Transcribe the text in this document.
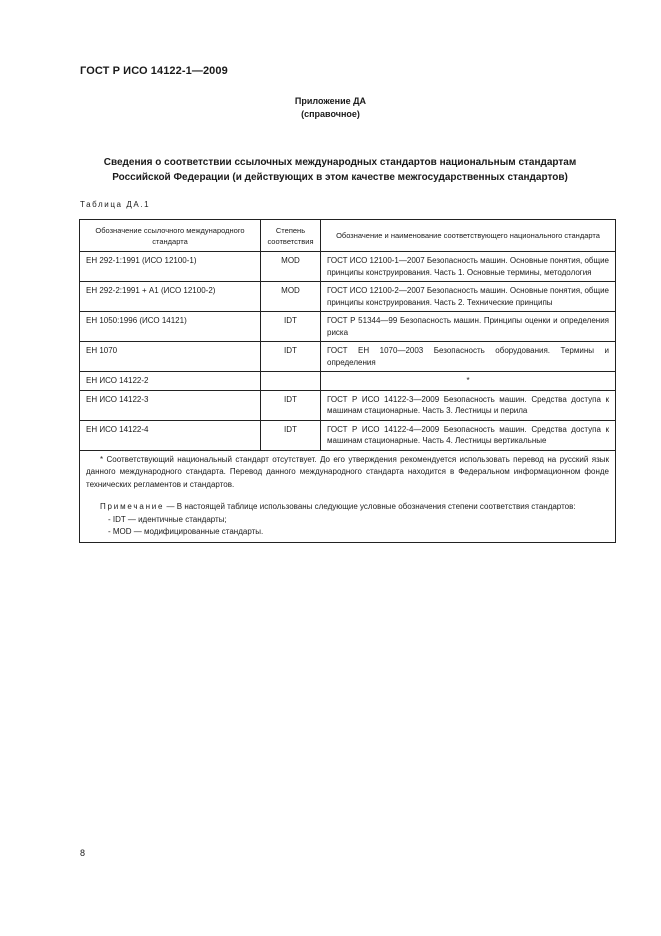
ГОСТ Р ИСО 14122-1—2009
Приложение ДА
(справочное)
Сведения о соответствии ссылочных международных стандартов национальным стандартам
Российской Федерации (и действующих в этом качестве межгосударственных стандартов)
Таблица ДА.1
Обозначение ссылочного международного стандарта	Степень соответствия	Обозначение и наименование соответствующего национального стандарта
ЕН 292-1:1991 (ИСО 12100-1)	MOD	ГОСТ ИСО 12100-1—2007 Безопасность машин. Основные понятия, общие принципы конструирования. Часть 1. Основные термины, методология
ЕН 292-2:1991 + А1 (ИСО 12100-2)	MOD	ГОСТ ИСО 12100-2—2007 Безопасность машин. Основные понятия, общие принципы конструирования. Часть 2. Технические принципы
ЕН 1050:1996 (ИСО 14121)	IDT	ГОСТ Р 51344—99 Безопасность машин. Принципы оценки и определения риска
ЕН 1070	IDT	ГОСТ ЕН 1070—2003 Безопасность оборудования. Термины и определения
ЕН ИСО 14122-2		*
ЕН ИСО 14122-3	IDT	ГОСТ Р ИСО 14122-3—2009 Безопасность машин. Средства доступа к машинам стационарные. Часть 3. Лестницы и перила
ЕН ИСО 14122-4	IDT	ГОСТ Р ИСО 14122-4—2009 Безопасность машин. Средства доступа к машинам стационарные. Часть 4. Лестницы вертикальные

* Соответствующий национальный стандарт отсутствует. До его утверждения рекомендуется использовать перевод на русский язык данного международного стандарта. Перевод данного международного стандарта находится в Федеральном информационном фонде технических регламентов и стандартов.

Примечание — В настоящей таблице использованы следующие условные обозначения степени соответствия стандартов:

- IDT — идентичные стандарты;

- MOD — модифицированные стандарты.		

8
